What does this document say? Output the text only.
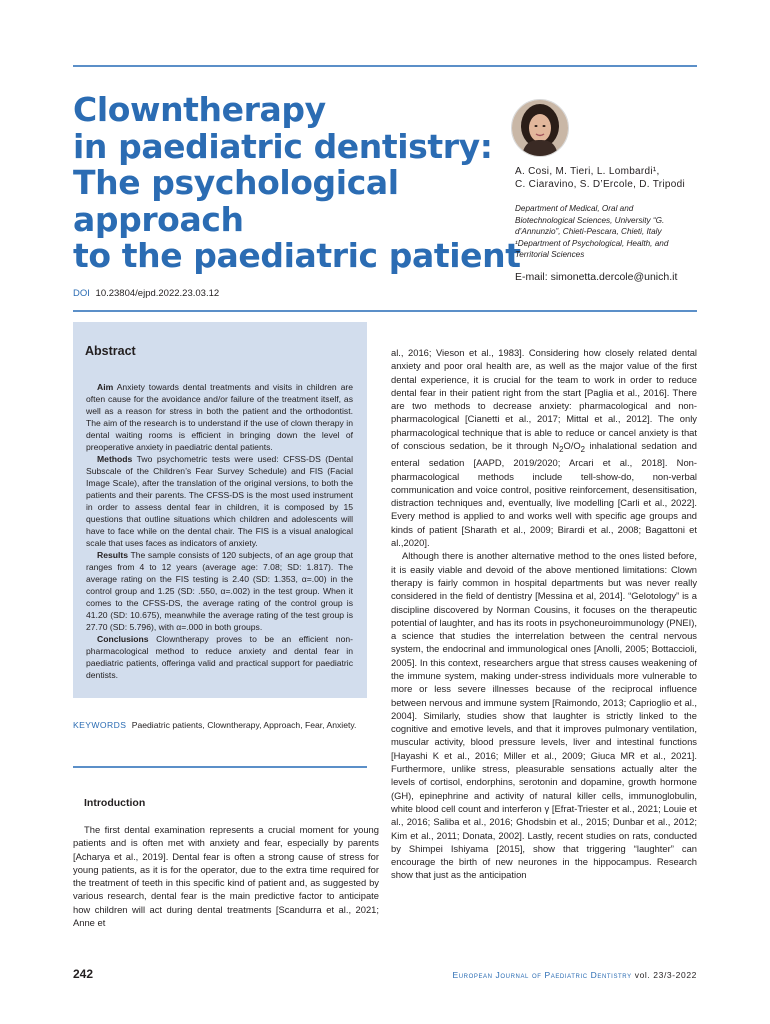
Clowntherapy
in paediatric dentistry:
The psychological
approach
to the paediatric patient
A. Cosi, M. Tieri, L. Lombardi¹,
C. Ciaravino, S. D’Ercole, D. Tripodi
Department of Medical, Oral and
Biotechnological Sciences, University “G.
d’Annunzio”, Chieti-Pescara, Chieti, Italy
¹Department of Psychological, Health, and
Territorial Sciences
E-mail: simonetta.dercole@unich.it
DOI 10.23804/ejpd.2022.23.03.12
Abstract

Aim Anxiety towards dental treatments and visits in children are often cause for the avoidance and/or failure of the treatment itself, as well as a reason for stress in both the patient and the orthodontist. The aim of the research is to understand if the use of clown therapy in dental waiting rooms is efficient in bringing down the level of preoperative anxiety in paediatric dental patients.

Methods Two psychometric tests were used: CFSS-DS (Dental Subscale of the Children’s Fear Survey Schedule) and FIS (Facial Image Scale), after the translation of the original versions, to both the patients and their parents. The CFSS-DS is the most used instrument in order to assess dental fear in children, it is composed by 15 questions that outline situations which children and adolescents will have to face while on the dental chair. The FIS is a visual analogical scale that uses faces as indicators of anxiety.

Results The sample consists of 120 subjects, of an age group that ranges from 4 to 12 years (average age: 7.08; SD: 1.817). The average rating on the FIS testing is 2.40 (SD: 1.353, α=.00) in the control group and 1.25 (SD: .550, α=.002) in the test group. When it comes to the CFSS-DS, the average rating of the control group is 41.20 (SD: 10.675), meanwhile the average rating of the test group is 27.70 (SD: 5.796), with α=.000 in both groups.

Conclusions Clowntherapy proves to be an efficient non-pharmacological method to reduce anxiety and dental fear in paediatric patients, offeringa valid and practical support for paediatric dentists.

KEYWORDS Paediatric patients, Clowntherapy, Approach, Fear, Anxiety.
Introduction

The first dental examination represents a crucial moment for young patients and is often met with anxiety and fear, especially by parents [Acharya et al., 2019]. Dental fear is often a strong cause of stress for young patients, as it is for the operator, due to the extra time required for the treatment of teeth in this specific kind of patient and, as suggested by various research, dental fear is the main predictive factor to anticipate how children will act during dental treatments [Scandurra et al., 2021; Anne et

al., 2016; Vieson et al., 1983]. Considering how closely related dental anxiety and poor oral health are, as well as the major value of the first dental experience, it is crucial for the team to work in order to reduce dental fear in their patient right from the start [Paglia et al., 2016]. There are two methods to decrease anxiety: pharmacological and non-pharmacological [Cianetti et al., 2017; Mittal et al., 2012]. The only pharmacological technique that is able to reduce or cancel anxiety is that of conscious sedation, be it through $N_2O/O_2$ inhalational sedation and enteral sedation [AAPD, 2019/2020; Arcari et al., 2018]. Non-pharmacological methods include tell-show-do, non-verbal communication and voice control, positive reinforcement, desensitisation, distraction techniques and, eventually, live modelling [Carli et al., 2022]. Every method is applied to and works well with specific age groups and kinds of patient [Sharath et al., 2009; Birardi et al., 2008; Bagattoni et al.,2020].

Although there is another alternative method to the ones listed before, it is easily viable and devoid of the above mentioned limitations: Clown therapy is fairly common in hospital departments but was never really considered in the field of dentistry [Messina et al, 2014]. “Gelotology” is a discipline discovered by Norman Cousins, it focuses on the therapeutic potential of laughter, and has its roots in psychoneuroimmunology (PNEI), a science that studies the interrelation between the central nervous system, the endocrinal and immunological ones [Anolli, 2005; Bottaccioli, 2005]. In this context, researchers argue that stress causes weakening of the immune system, making under-stress individuals more vulnerable to more or less severe illnesses because of the reciprocal influence between nervous and immune system [Raimondo, 2013; Caprioglio et al., 2004]. Similarly, studies show that laughter is strictly linked to the cognitive and emotive levels, and that it improves pulmonary ventilation, muscular activity, blood pressure levels, liver and intestinal functions [Hayashi K et al., 2016; Miller et al., 2009; Giuca MR et al., 2021]. Furthermore, unlike stress, pleasurable sensations actually alter the levels of cortisol, endorphins, serotonin and dopamine, growth hormone (GH), epinephrine and activity of natural killer cells, immunoglobulin, white blood cell count and interferon γ [Efrat-Triester et al., 2021; Louie et al., 2016; Saliba et al., 2016; Ghodsbin et al., 2015; Dunbar et al., 2012; Kim et al., 2011; Donata, 2002]. Lastly, recent studies on rats, conducted by Shimpei Ishiyama [2015], show that triggering “laughter” can encourage the birth of new neurones in the hippocampus. Research show that just as the anticipation

242	European Journal of Paediatric Dentistry vol. 23/3-2022
